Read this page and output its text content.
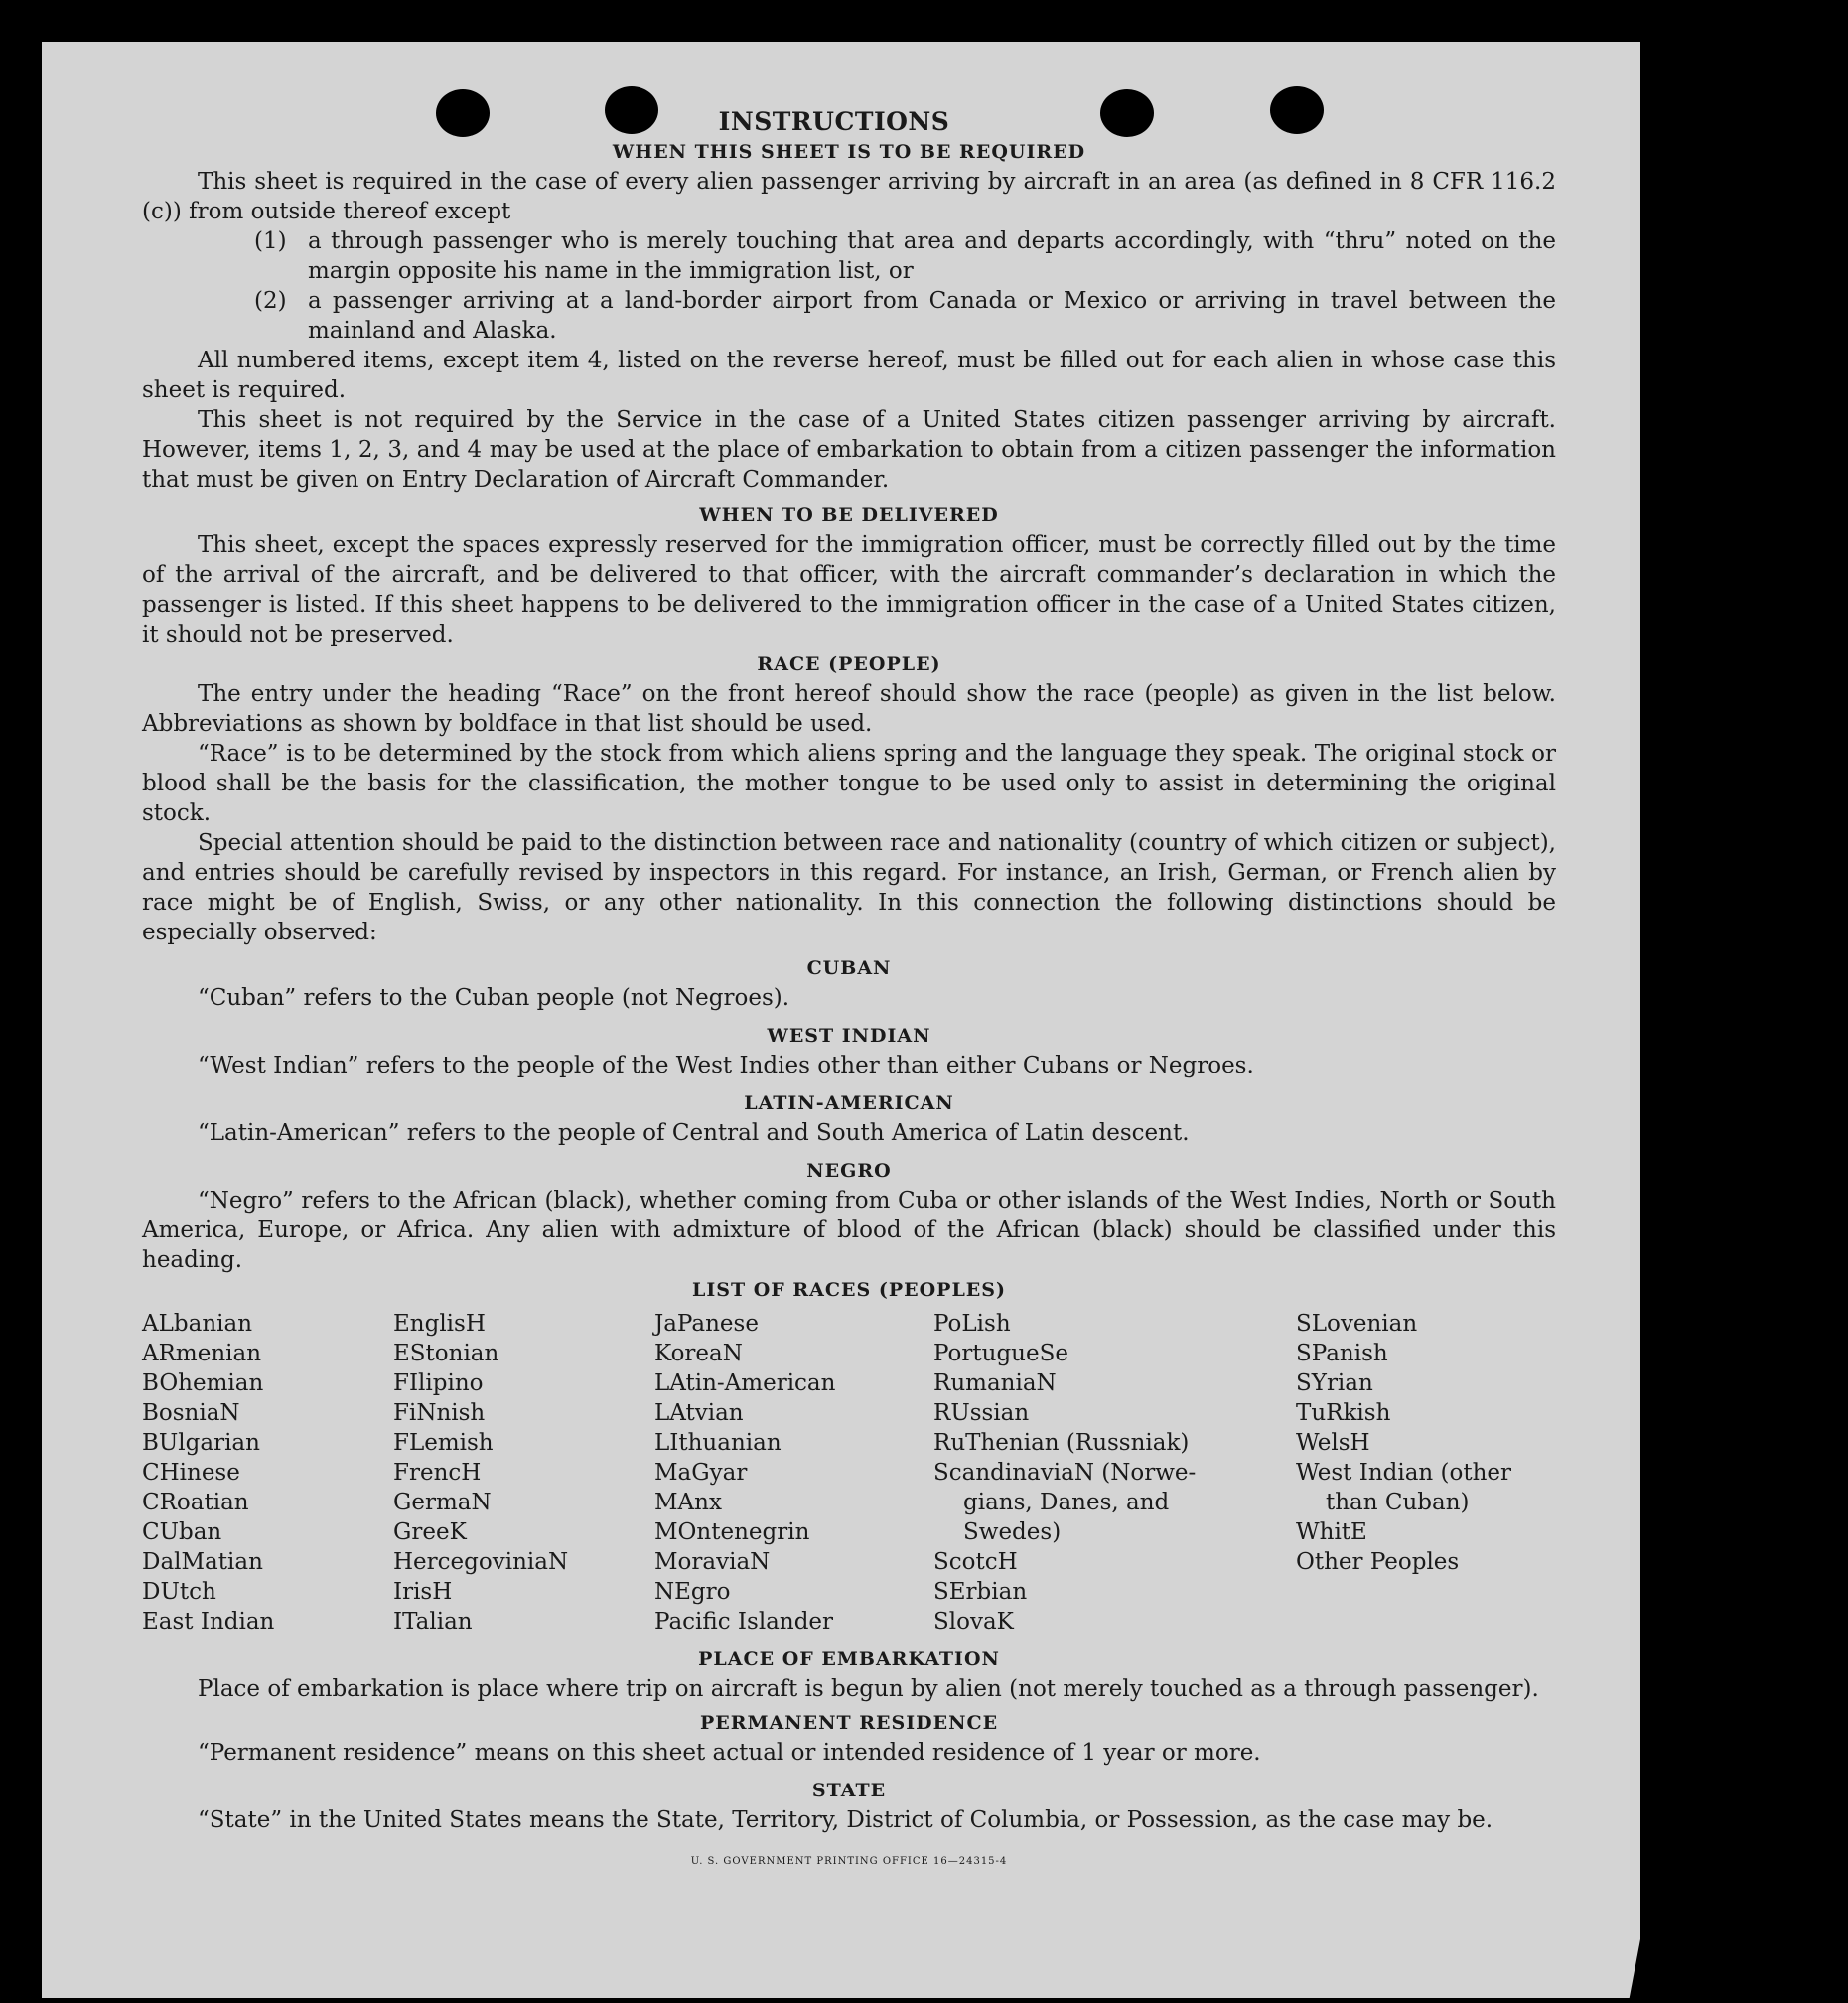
INSTRUCTIONS
WHEN THIS SHEET IS TO BE REQUIRED

This sheet is required in the case of every alien passenger arriving by aircraft in an area (as defined in 8 CFR 116.2 (c)) from outside thereof except

(1) a through passenger who is merely touching that area and departs accordingly, with “thru” noted on the margin opposite his name in the immigration list, or
(2) a passenger arriving at a land-border airport from Canada or Mexico or arriving in travel between the mainland and Alaska.

All numbered items, except item 4, listed on the reverse hereof, must be filled out for each alien in whose case this sheet is required.

This sheet is not required by the Service in the case of a United States citizen passenger arriving by aircraft. However, items 1, 2, 3, and 4 may be used at the place of embarkation to obtain from a citizen passenger the information that must be given on Entry Declaration of Aircraft Commander.

WHEN TO BE DELIVERED

This sheet, except the spaces expressly reserved for the immigration officer, must be correctly filled out by the time of the arrival of the aircraft, and be delivered to that officer, with the aircraft commander’s declaration in which the passenger is listed. If this sheet happens to be delivered to the immigration officer in the case of a United States citizen, it should not be preserved.

RACE (PEOPLE)

The entry under the heading “Race” on the front hereof should show the race (people) as given in the list below. Abbreviations as shown by boldface in that list should be used.

“Race” is to be determined by the stock from which aliens spring and the language they speak. The original stock or blood shall be the basis for the classification, the mother tongue to be used only to assist in determining the original stock.

Special attention should be paid to the distinction between race and nationality (country of which citizen or subject), and entries should be carefully revised by inspectors in this regard. For instance, an Irish, German, or French alien by race might be of English, Swiss, or any other nationality. In this connection the following distinctions should be especially observed:

CUBAN

“Cuban” refers to the Cuban people (not Negroes).

WEST INDIAN

“West Indian” refers to the people of the West Indies other than either Cubans or Negroes.

LATIN-AMERICAN

“Latin-American” refers to the people of Central and South America of Latin descent.

NEGRO

“Negro” refers to the African (black), whether coming from Cuba or other islands of the West Indies, North or South America, Europe, or Africa. Any alien with admixture of blood of the African (black) should be classified under this heading.

LIST OF RACES (PEOPLES)
ALbanian
ARmenian
BOhemian
BosniaN
BUlgarian
CHinese
CRoatian
CUban
DalMatian
DUtch
East Indian
EnglisH
EStonian
FIlipino
FiNnish
FLemish
FrencH
GermaN
GreeK
HercegoviniaN
IrisH
ITalian
JaPanese
KoreaN
LAtin-American
LAtvian
LIthuanian
MaGyar
MAnx
MOntenegrin
MoraviaN
NEgro
Pacific Islander
PoLish
PortugueSe
RumaniaN
RUssian
RuThenian (Russniak)
ScandinaviaN (Norwe-
gians, Danes, and
Swedes)
ScotcH
SErbian
SlovaK
SLovenian
SPanish
SYrian
TuRkish
WelsH
West Indian (other
than Cuban)
WhitE
Other Peoples
PLACE OF EMBARKATION

Place of embarkation is place where trip on aircraft is begun by alien (not merely touched as a through passenger).

PERMANENT RESIDENCE

“Permanent residence” means on this sheet actual or intended residence of 1 year or more.

STATE

“State” in the United States means the State, Territory, District of Columbia, or Possession, as the case may be.

U. S. GOVERNMENT PRINTING OFFICE 16—24315-4
